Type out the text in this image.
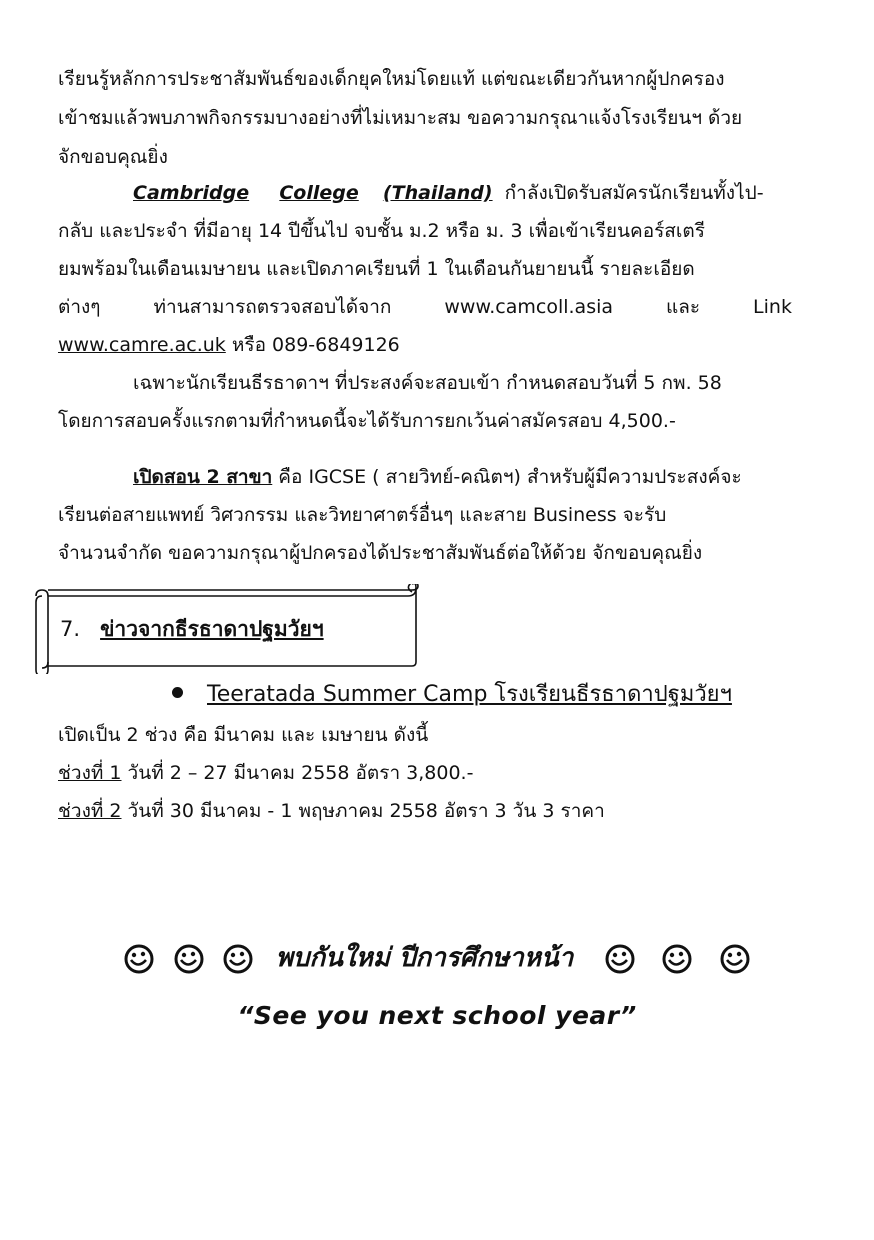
เรียนรู้หลักการประชาสัมพันธ์ของเด็กยุคใหม่โดยแท้ แต่ขณะเดียวกันหากผู้ปกครอง
เข้าชมแล้วพบภาพกิจกรรมบางอย่างที่ไม่เหมาะสม ขอความกรุณาแจ้งโรงเรียนฯ ด้วย
จักขอบคุณยิ่ง
Cambridge College (Thailand) กำลังเปิดรับสมัครนักเรียนทั้งไป-
กลับ และประจำ ที่มีอายุ 14 ปีขึ้นไป จบชั้น ม.2 หรือ ม. 3 เพื่อเข้าเรียนคอร์สเตรี
ยมพร้อมในเดือนเมษายน และเปิดภาคเรียนที่ 1 ในเดือนกันยายนนี้ รายละเอียด
ต่างๆ	ท่านสามารถตรวจสอบได้จาก	www.camcoll.asia	และ	Link
www.camre.ac.uk หรือ 089-6849126
เฉพาะนักเรียนธีรธาดาฯ ที่ประสงค์จะสอบเข้า กำหนดสอบวันที่ 5 กพ. 58
โดยการสอบครั้งแรกตามที่กำหนดนี้จะได้รับการยกเว้นค่าสมัครสอบ 4,500.-
เปิดสอน 2 สาขา คือ IGCSE ( สายวิทย์-คณิตฯ) สำหรับผู้มีความประสงค์จะ
เรียนต่อสายแพทย์ วิศวกรรม และวิทยาศาตร์อื่นๆ และสาย Business จะรับ
จำนวนจำกัด ขอความกรุณาผู้ปกครองได้ประชาสัมพันธ์ต่อให้ด้วย จักขอบคุณยิ่ง
7. ข่าวจากธีรธาดาปฐมวัยฯ
Teeratada Summer Camp โรงเรียนธีรธาดาปฐมวัยฯ
เปิดเป็น 2 ช่วง คือ มีนาคม และ เมษายน ดังนี้
ช่วงที่ 1 วันที่ 2 – 27 มีนาคม 2558 อัตรา 3,800.-
ช่วงที่ 2 วันที่ 30 มีนาคม - 1 พฤษภาคม 2558 อัตรา 3 วัน 3 ราคา
พบกันใหม่ ปีการศึกษาหน้า
“See you next school year”
